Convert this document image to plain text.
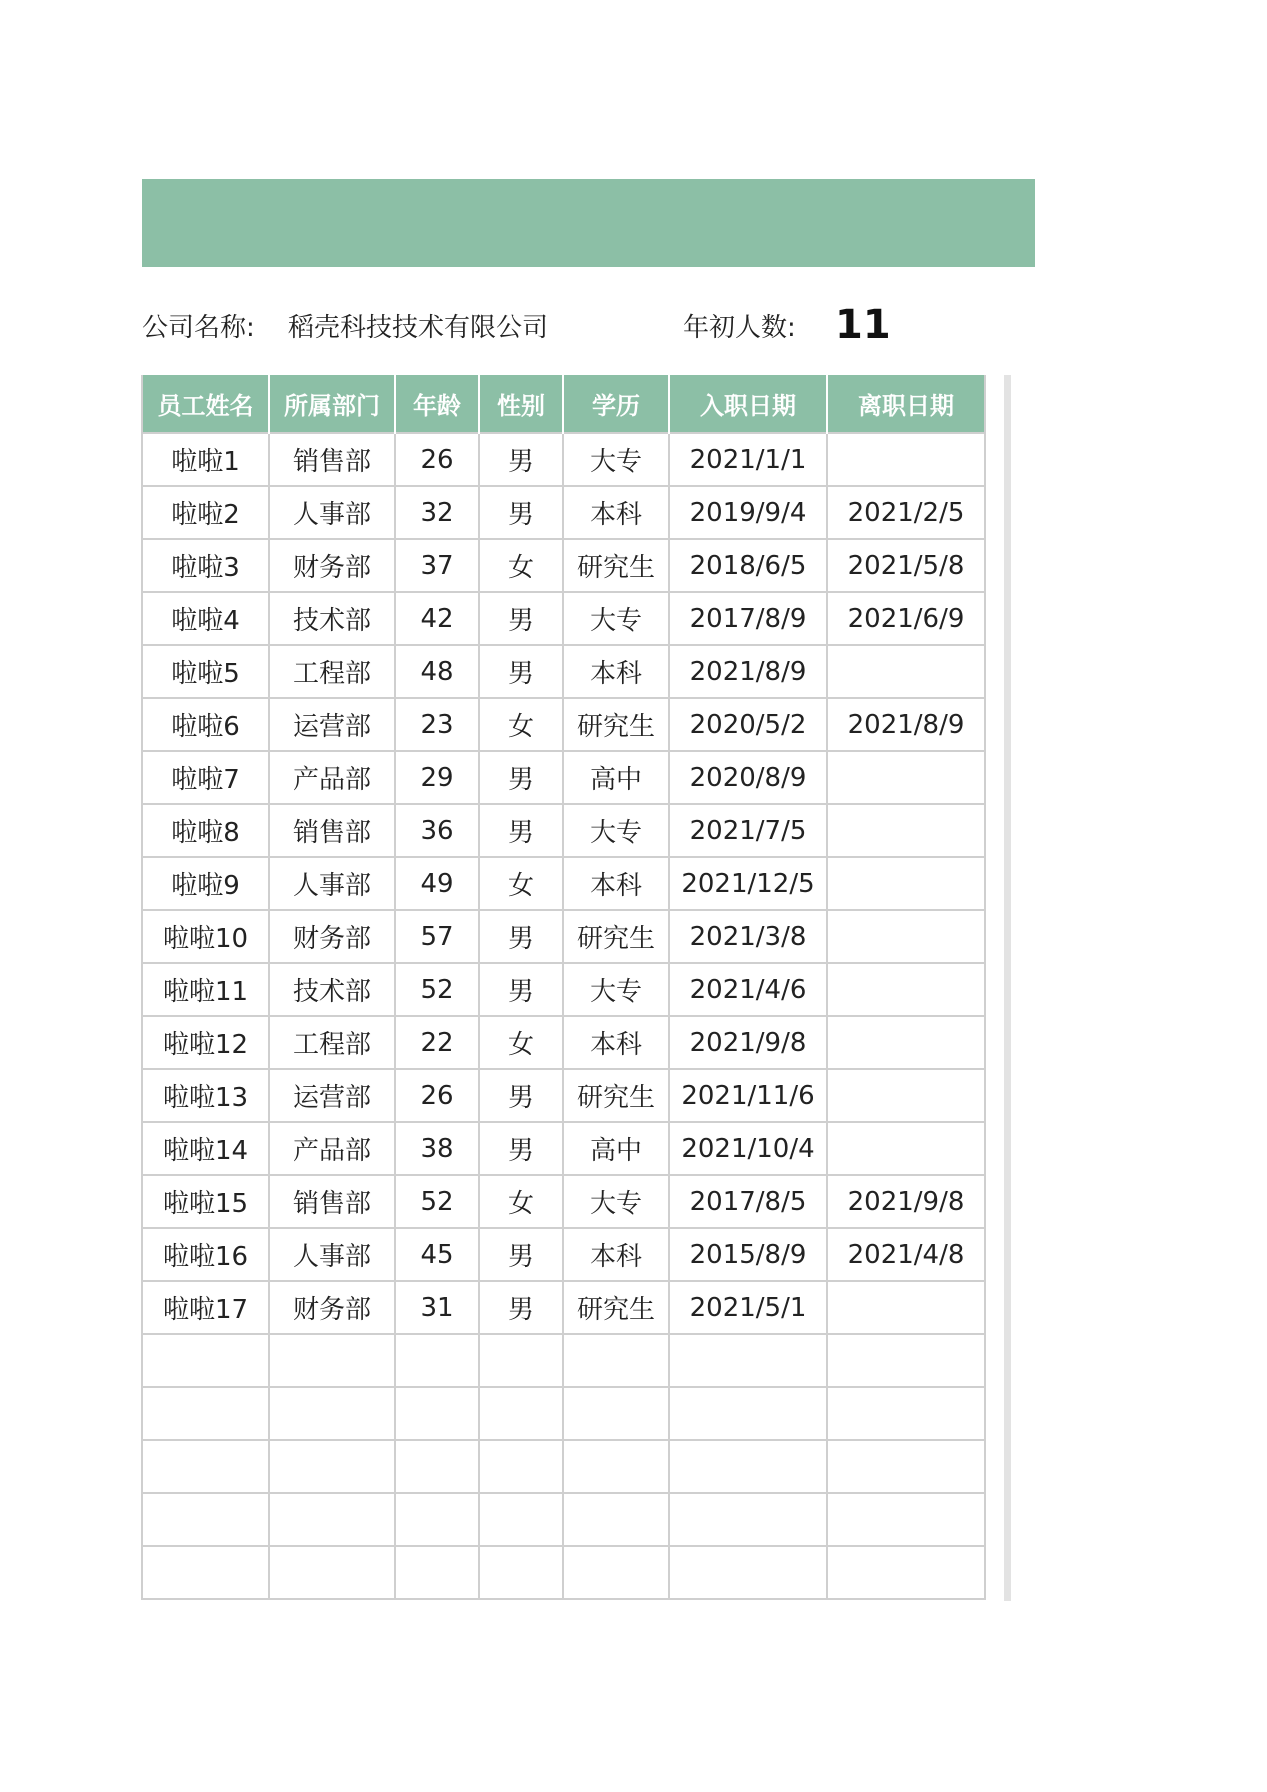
公司名称: 稻壳科技技术有限公司	年初人数: 11
员工姓名	所属部门	年龄	性别	学历	入职日期	离职日期
啦啦1	销售部	26	男	大专	2021/1/1	
啦啦2	人事部	32	男	本科	2019/9/4	2021/2/5
啦啦3	财务部	37	女	研究生	2018/6/5	2021/5/8
啦啦4	技术部	42	男	大专	2017/8/9	2021/6/9
啦啦5	工程部	48	男	本科	2021/8/9	
啦啦6	运营部	23	女	研究生	2020/5/2	2021/8/9
啦啦7	产品部	29	男	高中	2020/8/9	
啦啦8	销售部	36	男	大专	2021/7/5	
啦啦9	人事部	49	女	本科	2021/12/5	
啦啦10	财务部	57	男	研究生	2021/3/8	
啦啦11	技术部	52	男	大专	2021/4/6	
啦啦12	工程部	22	女	本科	2021/9/8	
啦啦13	运营部	26	男	研究生	2021/11/6	
啦啦14	产品部	38	男	高中	2021/10/4	
啦啦15	销售部	52	女	大专	2017/8/5	2021/9/8
啦啦16	人事部	45	男	本科	2015/8/9	2021/4/8
啦啦17	财务部	31	男	研究生	2021/5/1	
